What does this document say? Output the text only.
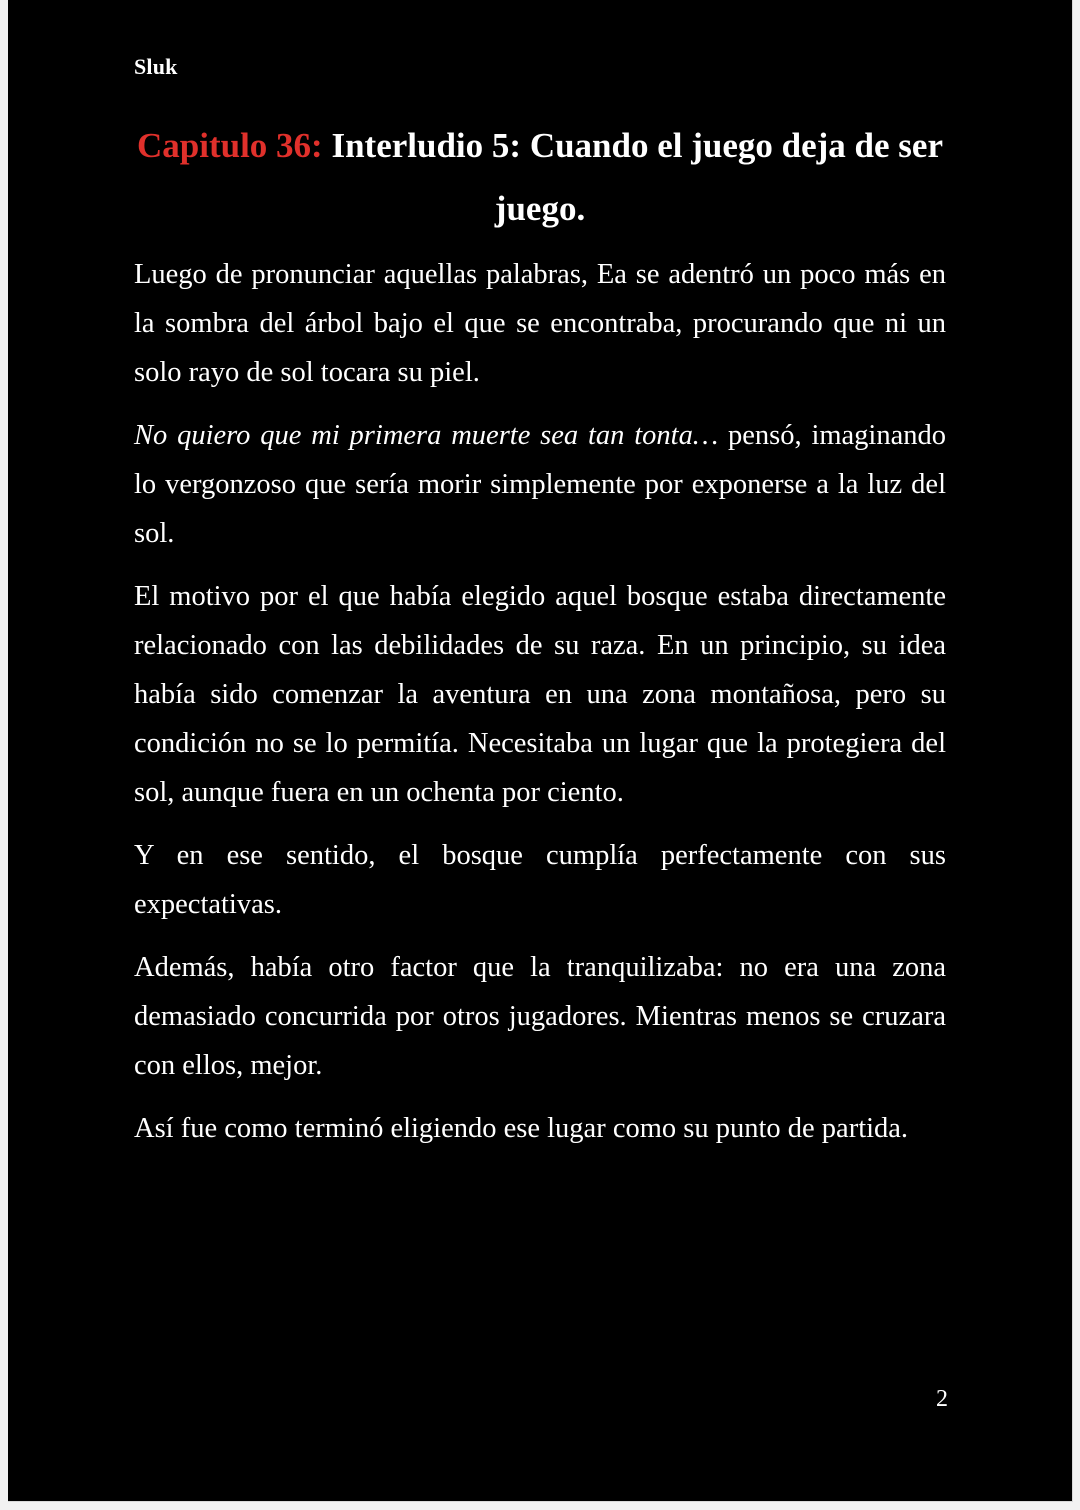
Sluk
Capitulo 36: Interludio 5: Cuando el juego deja de ser juego.

Luego de pronunciar aquellas palabras, Ea se adentró un poco más en la sombra del árbol bajo el que se encontraba, procurando que ni un solo rayo de sol tocara su piel.

No quiero que mi primera muerte sea tan tonta… pensó, imaginando lo vergonzoso que sería morir simplemente por exponerse a la luz del sol.

El motivo por el que había elegido aquel bosque estaba directamente relacionado con las debilidades de su raza. En un principio, su idea había sido comenzar la aventura en una zona montañosa, pero su condición no se lo permitía. Necesitaba un lugar que la protegiera del sol, aunque fuera en un ochenta por ciento.

Y en ese sentido, el bosque cumplía perfectamente con sus expectativas.

Además, había otro factor que la tranquilizaba: no era una zona demasiado concurrida por otros jugadores. Mientras menos se cruzara con ellos, mejor.

Así fue como terminó eligiendo ese lugar como su punto de partida.

2
